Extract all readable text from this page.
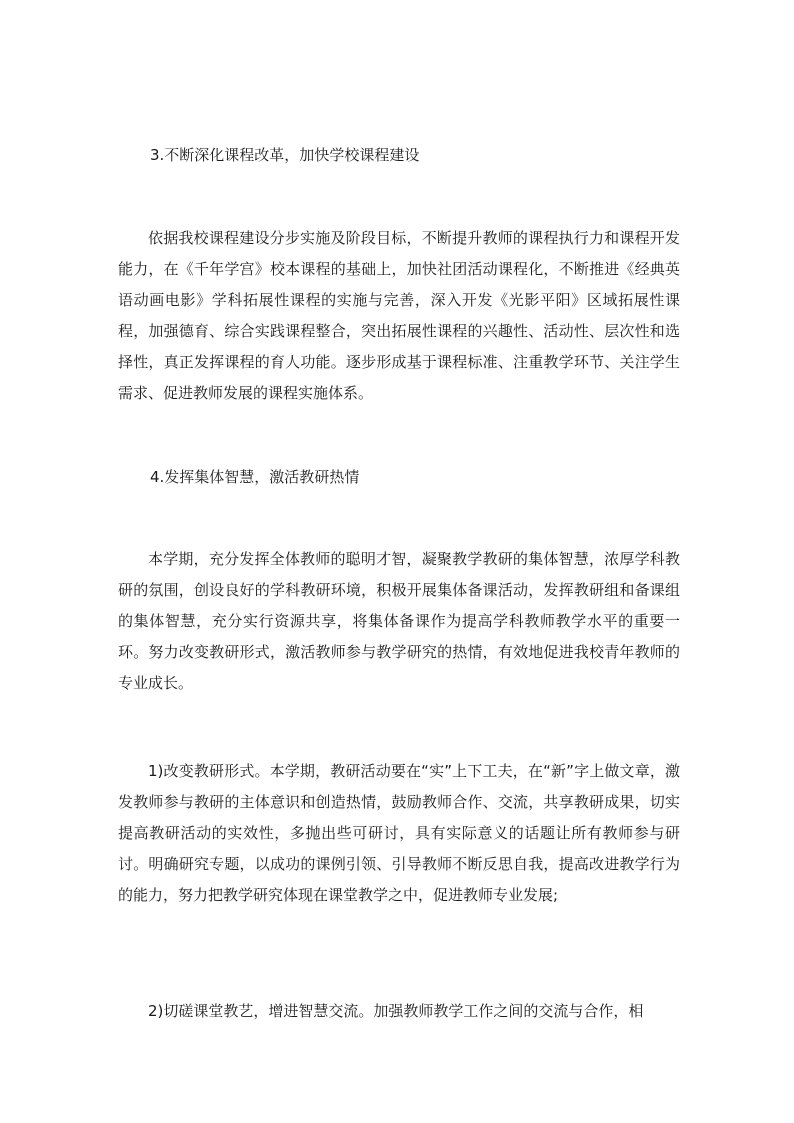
3.不断深化课程改革，加快学校课程建设

依据我校课程建设分步实施及阶段目标，不断提升教师的课程执行力和课程开发能力，在《千年学宫》校本课程的基础上，加快社团活动课程化，不断推进《经典英语动画电影》学科拓展性课程的实施与完善，深入开发《光影平阳》区域拓展性课程，加强德育、综合实践课程整合，突出拓展性课程的兴趣性、活动性、层次性和选择性，真正发挥课程的育人功能。逐步形成基于课程标准、注重教学环节、关注学生需求、促进教师发展的课程实施体系。

4.发挥集体智慧，激活教研热情

本学期，充分发挥全体教师的聪明才智，凝聚教学教研的集体智慧，浓厚学科教研的氛围，创设良好的学科教研环境，积极开展集体备课活动，发挥教研组和备课组的集体智慧，充分实行资源共享，将集体备课作为提高学科教师教学水平的重要一环。努力改变教研形式，激活教师参与教学研究的热情，有效地促进我校青年教师的专业成长。

1)改变教研形式。本学期，教研活动要在“实”上下工夫，在“新”字上做文章，激发教师参与教研的主体意识和创造热情，鼓励教师合作、交流，共享教研成果，切实提高教研活动的实效性，多抛出些可研讨，具有实际意义的话题让所有教师参与研讨。明确研究专题，以成功的课例引领、引导教师不断反思自我，提高改进教学行为的能力，努力把教学研究体现在课堂教学之中，促进教师专业发展;

2)切磋课堂教艺，增进智慧交流。加强教师教学工作之间的交流与合作，相
